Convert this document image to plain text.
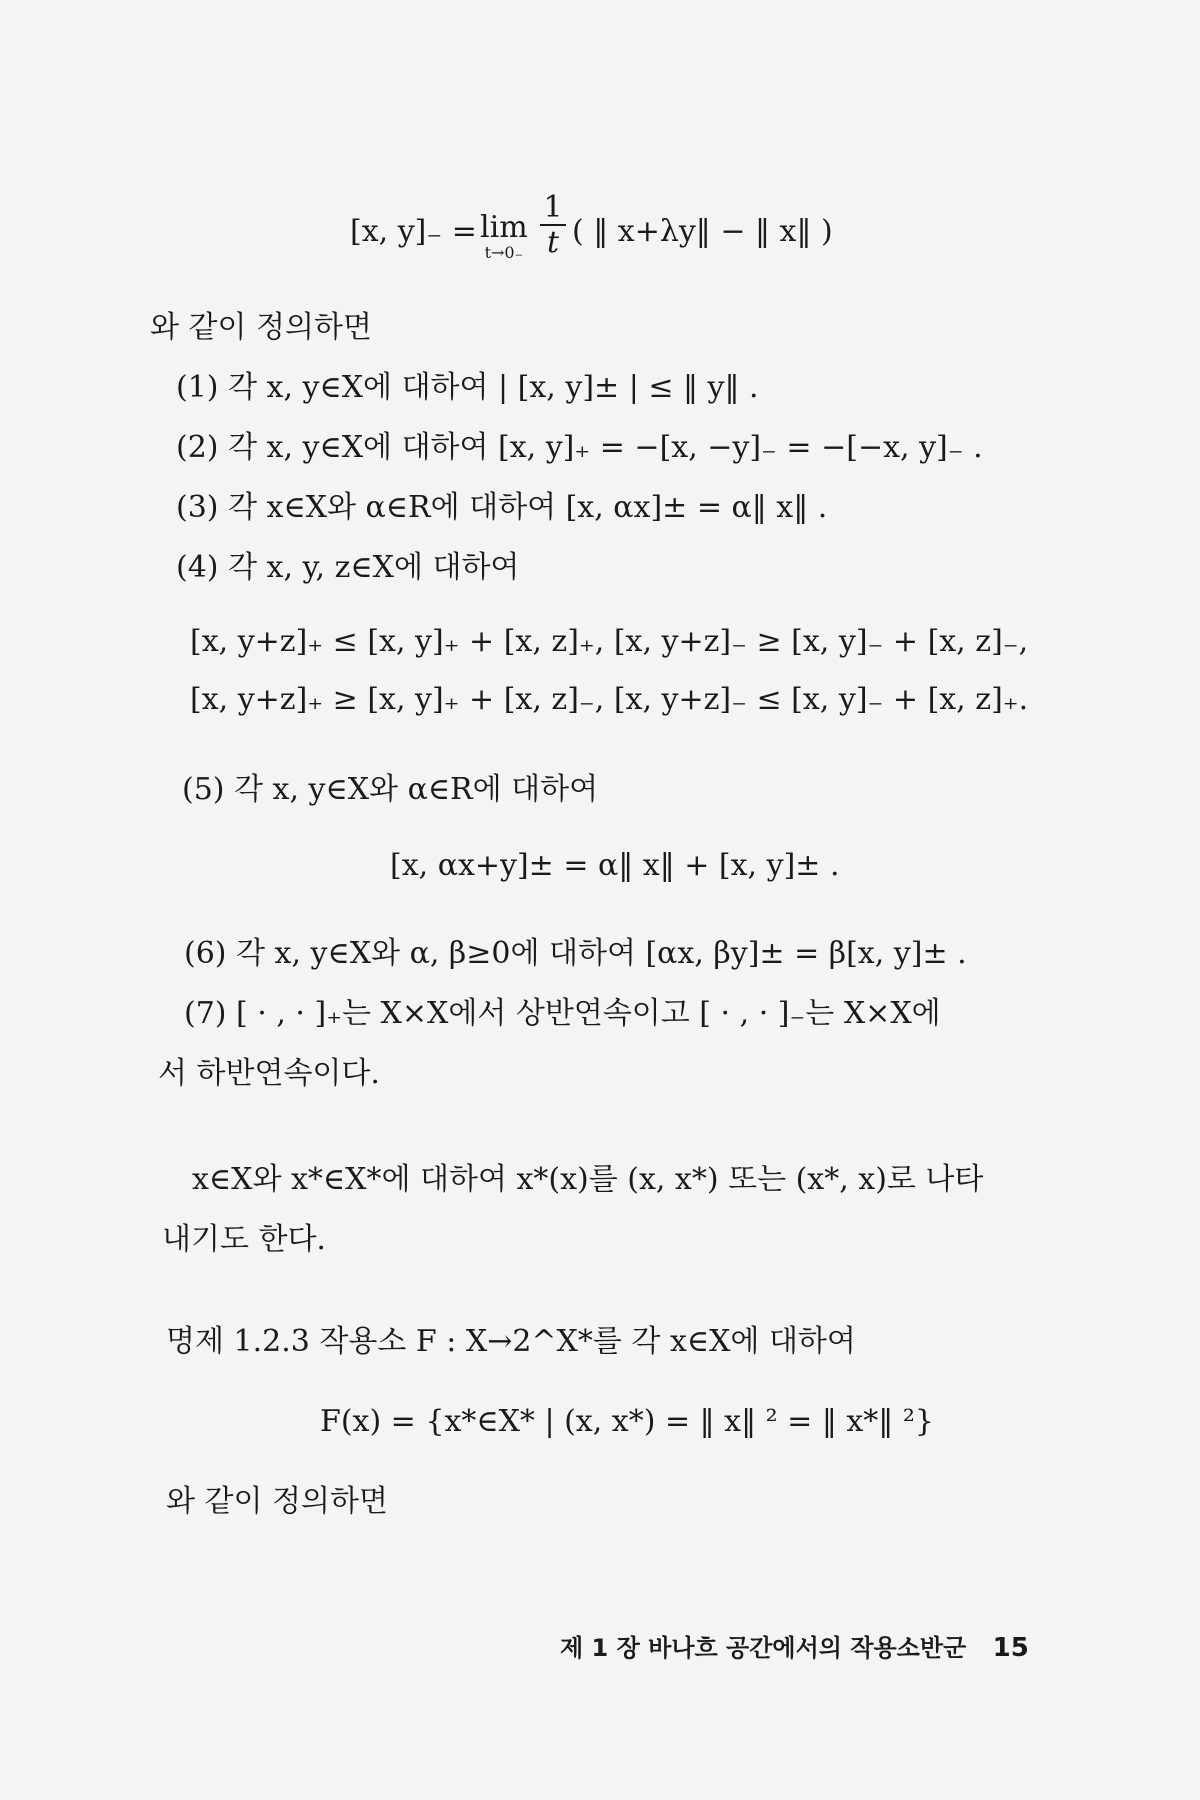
[x, y]₋ = lim
t→0₋
1
t ( ‖ x+λy‖ − ‖ x‖ )
와 같이 정의하면
(1) 각 x, y∈X에 대하여 | [x, y]± | ≤ ‖ y‖ .
(2) 각 x, y∈X에 대하여 [x, y]₊ = −[x, −y]₋ = −[−x, y]₋ .
(3) 각 x∈X와 α∈R에 대하여 [x, αx]± = α‖ x‖ .
(4) 각 x, y, z∈X에 대하여
[x, y+z]₊ ≤ [x, y]₊ + [x, z]₊, [x, y+z]₋ ≥ [x, y]₋ + [x, z]₋,
[x, y+z]₊ ≥ [x, y]₊ + [x, z]₋, [x, y+z]₋ ≤ [x, y]₋ + [x, z]₊.
(5) 각 x, y∈X와 α∈R에 대하여
[x, αx+y]± = α‖ x‖ + [x, y]± .
(6) 각 x, y∈X와 α, β≥0에 대하여 [αx, βy]± = β[x, y]± .
(7) [ · , · ]₊는 X×X에서 상반연속이고 [ · , · ]₋는 X×X에
서 하반연속이다.
x∈X와 x*∈X*에 대하여 x*(x)를 (x, x*) 또는 (x*, x)로 나타
내기도 한다.
명제 1.2.3 작용소 F : X→2^X*를 각 x∈X에 대하여
F(x) = {x*∈X* | (x, x*) = ‖ x‖ ² = ‖ x*‖ ²}
와 같이 정의하면
제 1 장 바나흐 공간에서의 작용소반군 15
